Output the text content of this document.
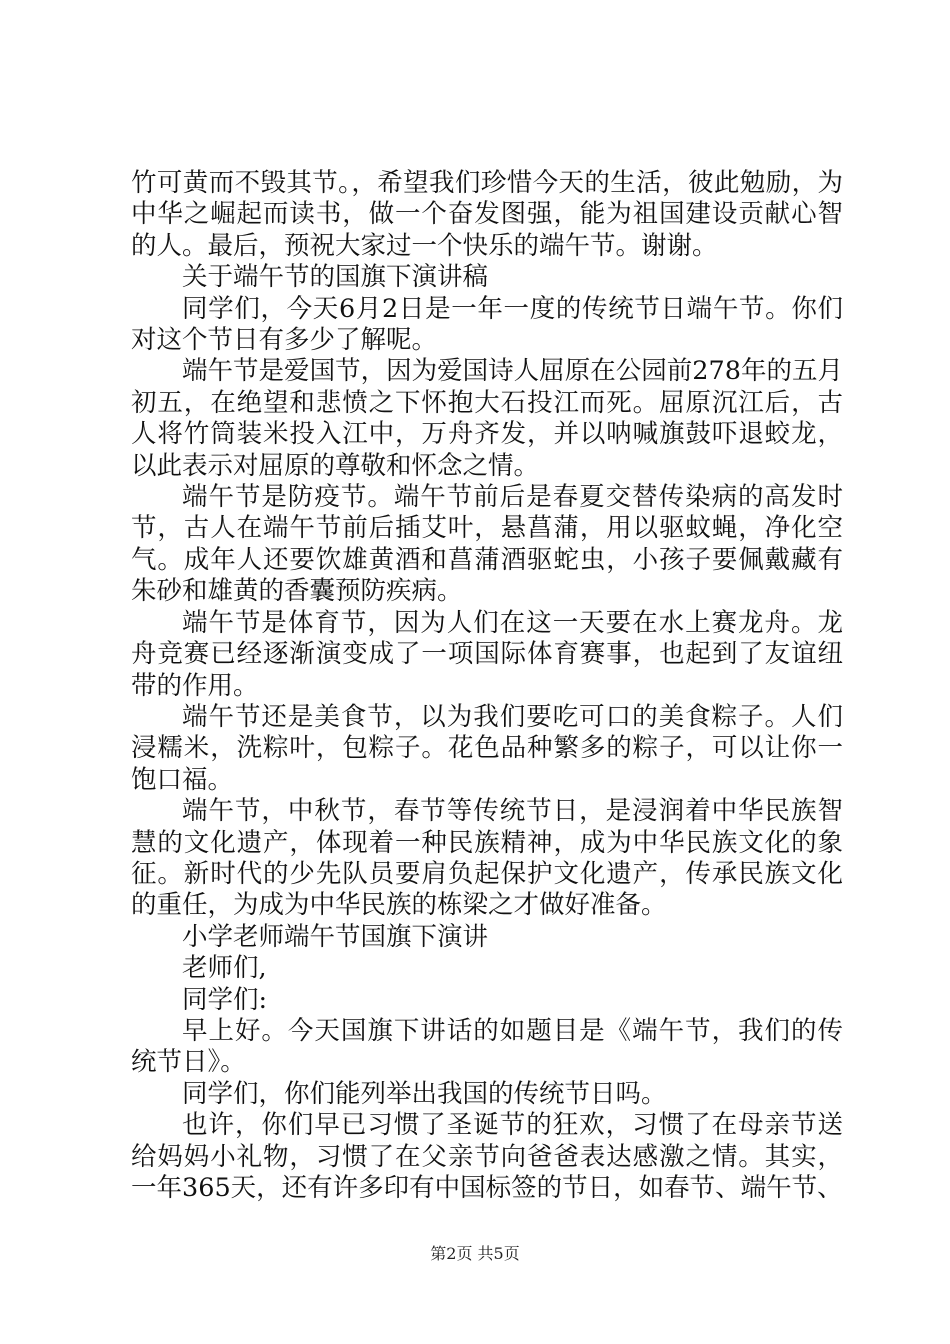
竹可黄而不毁其节。，希望我们珍惜今天的生活，彼此勉励，为中华之崛起而读书，做一个奋发图强，能为祖国建设贡献心智的人。最后，预祝大家过一个快乐的端午节。谢谢。

关于端午节的国旗下演讲稿

同学们，今天6月2日是一年一度的传统节日端午节。你们对这个节日有多少了解呢。

端午节是爱国节，因为爱国诗人屈原在公园前278年的五月初五，在绝望和悲愤之下怀抱大石投江而死。屈原沉江后，古人将竹筒装米投入江中，万舟齐发，并以呐喊旗鼓吓退蛟龙，以此表示对屈原的尊敬和怀念之情。

端午节是防疫节。端午节前后是春夏交替传染病的高发时节，古人在端午节前后插艾叶，悬菖蒲，用以驱蚊蝇，净化空气。成年人还要饮雄黄酒和菖蒲酒驱蛇虫，小孩子要佩戴藏有朱砂和雄黄的香囊预防疾病。

端午节是体育节，因为人们在这一天要在水上赛龙舟。龙舟竞赛已经逐渐演变成了一项国际体育赛事，也起到了友谊纽带的作用。

端午节还是美食节，以为我们要吃可口的美食粽子。人们浸糯米，洗粽叶，包粽子。花色品种繁多的粽子，可以让你一饱口福。

端午节，中秋节，春节等传统节日，是浸润着中华民族智慧的文化遗产，体现着一种民族精神，成为中华民族文化的象征。新时代的少先队员要肩负起保护文化遗产，传承民族文化的重任，为成为中华民族的栋梁之才做好准备。

小学老师端午节国旗下演讲

老师们,

同学们:

早上好。今天国旗下讲话的如题目是《端午节，我们的传统节日》。

同学们，你们能列举出我国的传统节日吗。

也许，你们早已习惯了圣诞节的狂欢，习惯了在母亲节送给妈妈小礼物，习惯了在父亲节向爸爸表达感激之情。其实，一年365天，还有许多印有中国标签的节日，如春节、端午节、

第2页 共5页
